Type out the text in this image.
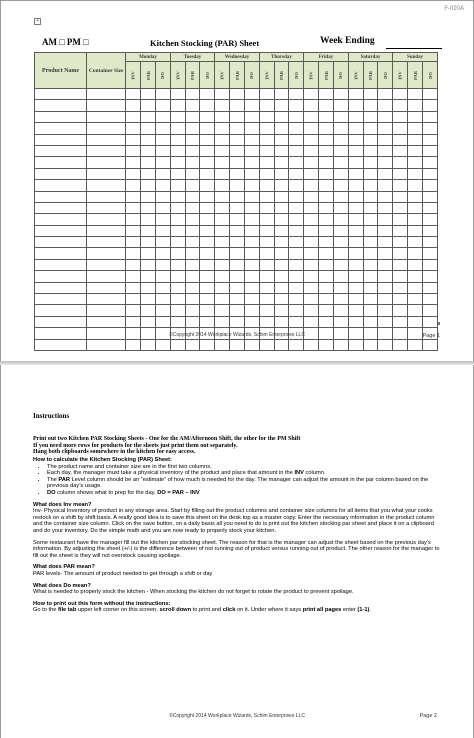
F-020A
+
AM □ PM □	Kitchen Stocking (PAR) Sheet	Week Ending
Product Name	Container Size	Monday			Tuesday			Wednesday			Thursday			Friday			Saturday			Sunday		
		INV	PAR	DO	INV	PAR	DO	INV	PAR	DO	INV	PAR	DO	INV	PAR	DO	INV	PAR	DO	INV	PAR	DO

©Copyright 2014 Workplace Wizards, Schim Enterprises LLC	Page 1
Instructions
Print out two Kitchen PAR Stocking Sheets - One for the AM/Afternoon Shift, the other for the PM Shift
If you need more rows for products for the sheets just print them out separately.
Hang both clipboards somewhere in the kitchen for easy access.
How to calculate the Kitchen Stocking (PAR) Sheet:
• The product name and container size are in the first two columns.
• Each day, the manager must take a physical inventory of the product and place that amount in the INV column.
• The PAR Level column should be an “estimate” of how much is needed for the day. The manager can adjust the amount in the par column based on the previous day’s usage.
• DO column shows what to prep for the day. DO = PAR – INV
What does Inv mean?
Inv- Physical Inventory of product in any storage area. Start by filling out the product columns and container size columns for all items that you what your cooks restock on a shift by shift basis. A really good idea is to save this sheet on the desk top as a master copy. Enter the necessary information in the product column and the container size column. Click on the save button, on a daily basis all you need to do is print out the kitchen stocking par sheet and place it on a clipboard and do your inventory. Do the simple math and you are now ready to properly stock your kitchen.
Some restaurant have the manager fill out the kitchen par stocking sheet. The reason for that is the manager can adjust the sheet based on the previous day’s information. By adjusting the sheet (+/-) is the difference between of not running out of product versus running out of product. The other reason for the manager to fill out the sheet is they will not overstock causing spoilage.
What does PAR mean?
PAR levels- The amount of product needed to get through a shift or day
What does Do mean?
What is needed to properly stock the kitchen - When stocking the kitchen do not forget to rotate the product to prevent spoilage.
How to print out this form without the instructions:
Go to the file tab upper left corner on this screen, scroll down to print and click on it. Under where it says print all pages enter (1-1).
©Copyright 2014 Workplace Wizards, Schim Enterprises LLC	Page 2
